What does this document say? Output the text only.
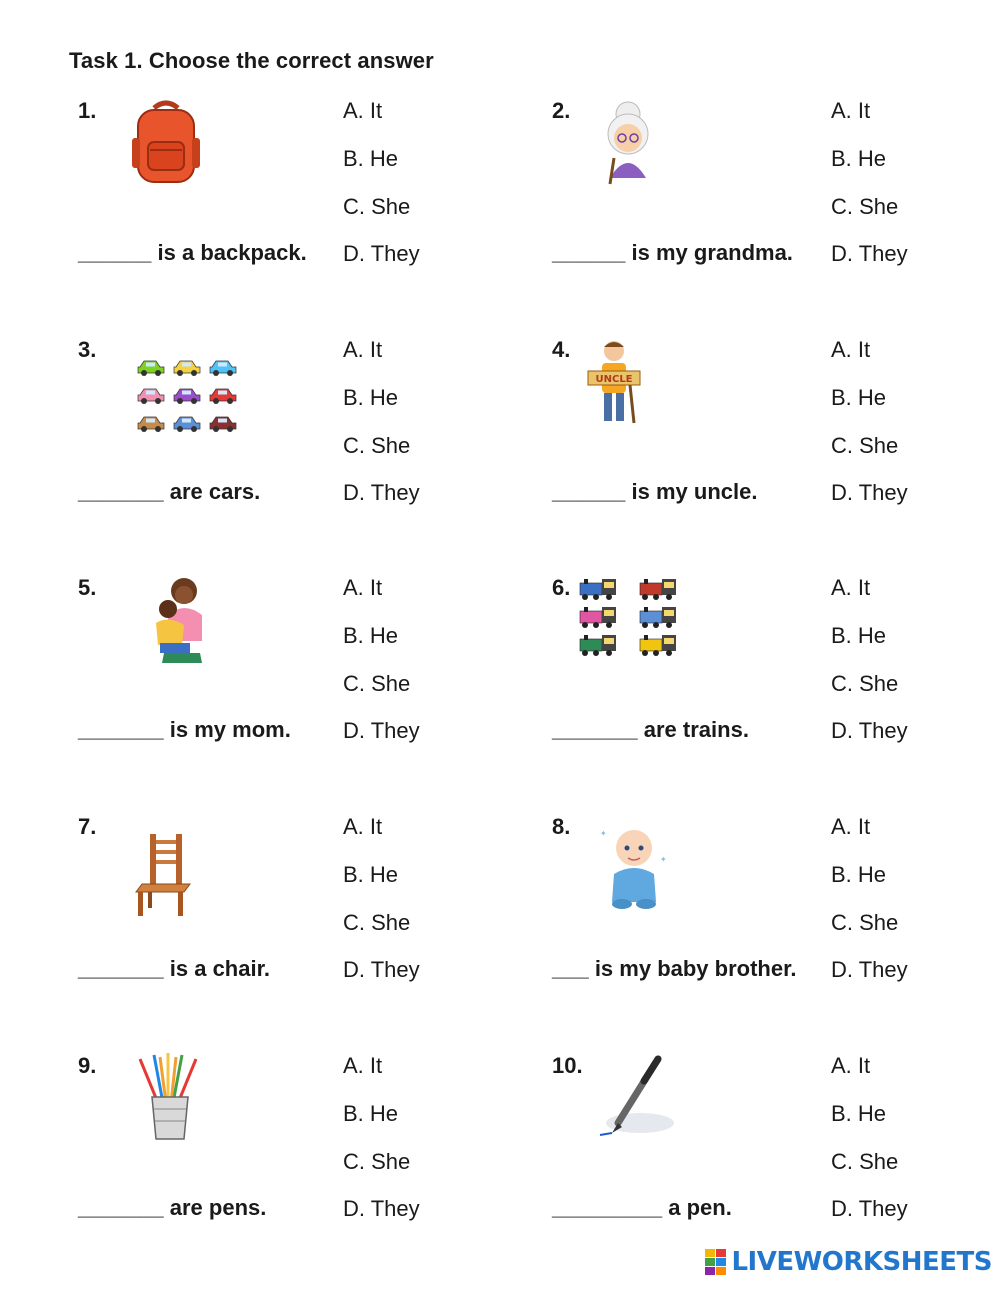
Task 1. Choose the correct answer
1.
______ is a backpack.
A. It
B. He
C. She
D. They
2.
______ is my grandma.
A. It
B. He
C. She
D. They
3.
_______ are cars.
A. It
B. He
C. She
D. They
4.
UNCLE
______ is my uncle.
A. It
B. He
C. She
D. They
5.
_______ is my mom.
A. It
B. He
C. She
D. They
6.
_______ are trains.
A. It
B. He
C. She
D. They
7.
_______ is a chair.
A. It
B. He
C. She
D. They
8.	✦
✦
___ is my baby brother.
A. It
B. He
C. She
D. They
9.
_______ are pens.
A. It
B. He
C. She
D. They
10.
_________ a pen.
A. It
B. He
C. She
D. They
LIVEWORKSHEETS
